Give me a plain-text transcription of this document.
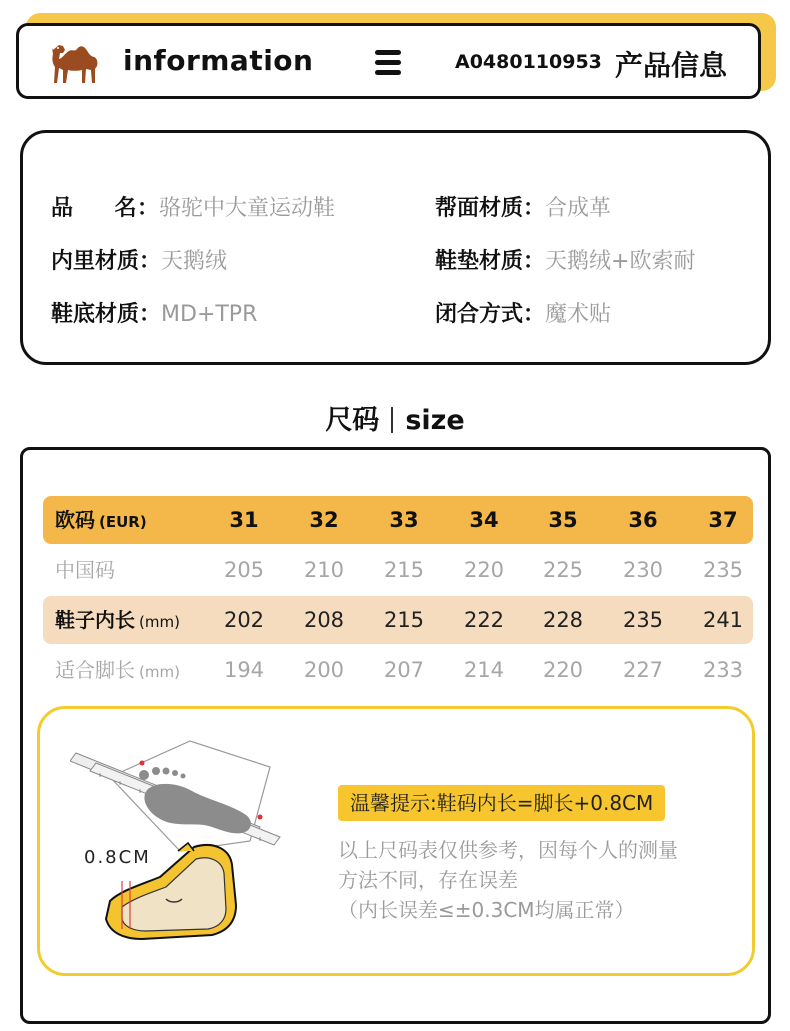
information	A0480110953 产品信息
品     名：骆驼中大童运动鞋	帮面材质：合成革
内里材质：天鹅绒	鞋垫材质：天鹅绒+欧索耐
鞋底材质：MD+TPR	闭合方式：魔术贴
尺码 size
欧码 (EUR)	31	32	33	34	35	36	37
中国码	205	210	215	220	225	230	235
鞋子内长 (mm)	202	208	215	222	228	235	241
适合脚长 (mm)	194	200	207	214	220	227	233
0.8CM
温馨提示:鞋码内长=脚长+0.8CM
以上尺码表仅供参考，因每个人的测量
方法不同，存在误差
（内长误差≤±0.3CM均属正常）
